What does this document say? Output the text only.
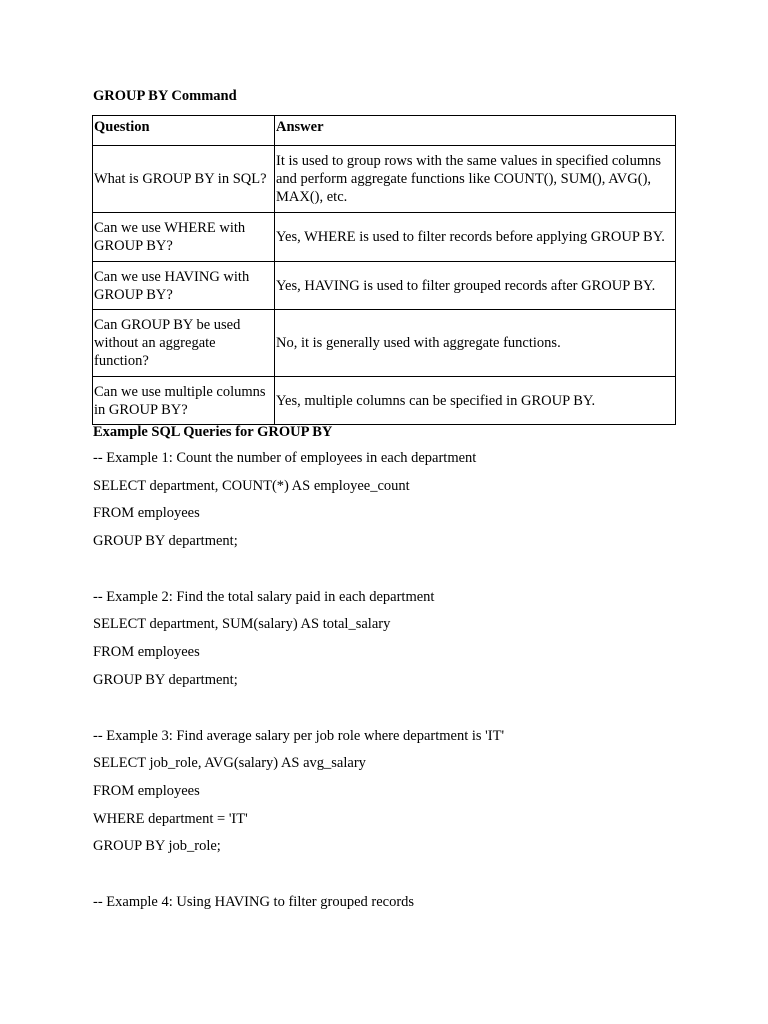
GROUP BY Command

Question	Answer
What is GROUP BY in SQL?	It is used to group rows with the same values in specified columns and perform aggregate functions like COUNT(), SUM(), AVG(), MAX(), etc.
Can we use WHERE with GROUP BY?	Yes, WHERE is used to filter records before applying GROUP BY.
Can we use HAVING with GROUP BY?	Yes, HAVING is used to filter grouped records after GROUP BY.
Can GROUP BY be used without an aggregate function?	No, it is generally used with aggregate functions.
Can we use multiple columns in GROUP BY?	Yes, multiple columns can be specified in GROUP BY.
Example SQL Queries for GROUP BY
-- Example 1: Count the number of employees in each department
SELECT department, COUNT(*) AS employee_count
FROM employees
GROUP BY department;
-- Example 2: Find the total salary paid in each department
SELECT department, SUM(salary) AS total_salary
FROM employees
GROUP BY department;
-- Example 3: Find average salary per job role where department is 'IT'
SELECT job_role, AVG(salary) AS avg_salary
FROM employees
WHERE department = 'IT'
GROUP BY job_role;
-- Example 4: Using HAVING to filter grouped records
